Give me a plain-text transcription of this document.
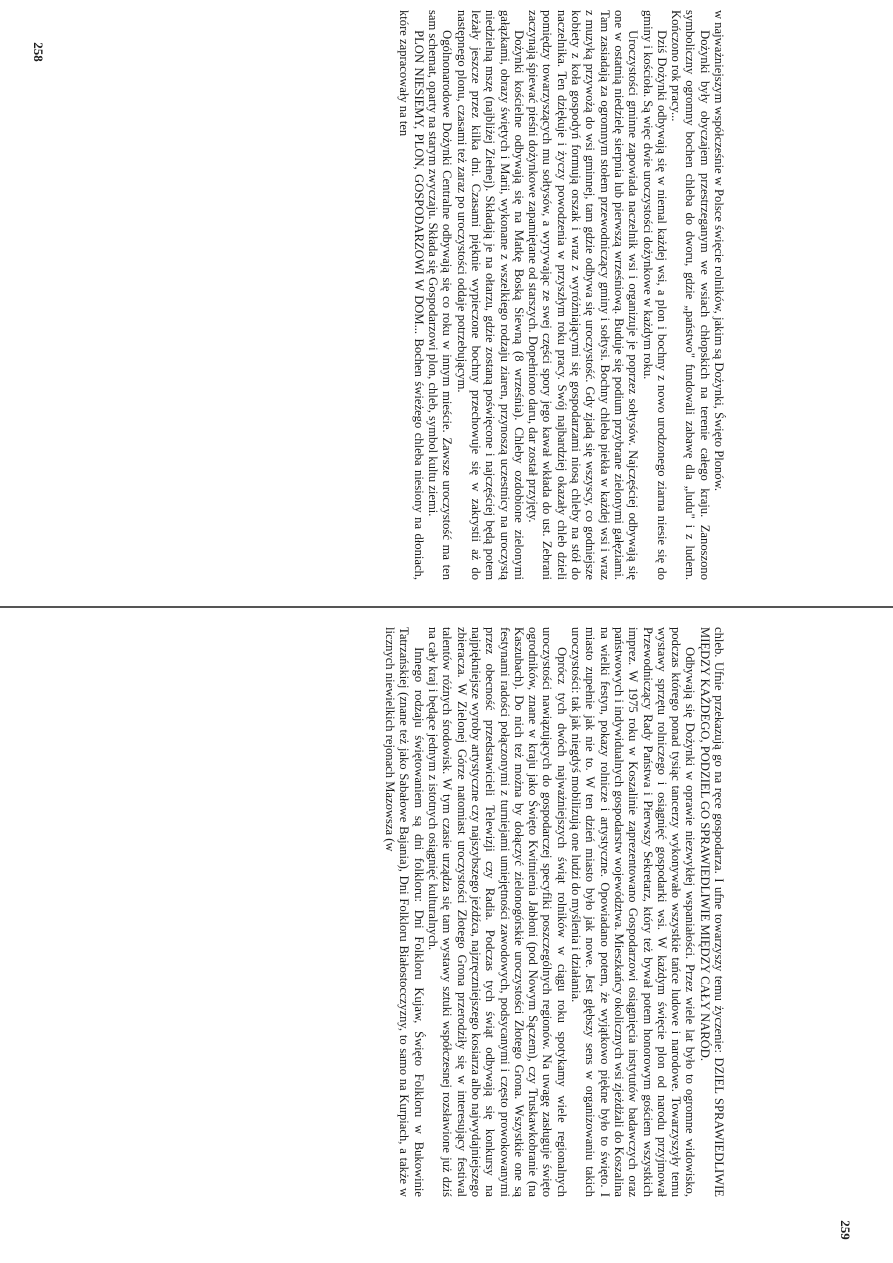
w najważniejszym współcześnie w Polsce święcie rolników, jakim są Dożynki, Święto Plonów.

Dożynki były obyczajem przestrzeganym we wsiach chłopskich na terenie całego kraju. Zanoszono symboliczny ogromny bochen chleba do dworu, gdzie „państwo" fundowali zabawę dla „ludu" i z ludem. Kończono rok pracy...

Dziś Dożynki odbywają się w niemal każdej wsi, a plon i bochny z nowo urodzonego ziarna niesie się do gminy i kościoła. Są więc dwie uroczystości dożynkowe w każdym roku.

Uroczystości gminne zapowiada naczelnik wsi i organizuje je poprzez sołtysów. Najczęściej odbywają się one w ostatnią niedzielę sierpnia lub pierwszą wrześniową. Buduje się podium przybrane zielonymi gałęziami. Tam zasiadają za ogromnym stołem przewodniczący gminy i sołtysi. Bochny chleba piekła w każdej wsi i wraz z muzyką przywożą do wsi gminnej, tam gdzie odbywa się uroczystość. Gdy zjadą się wszyscy, co godniejsze kobiety z koła gospodyń formują orszak i wraz z wyróżniającymi się gospodarzami niosą chleby na stół do naczelnika. Ten dziękuje i życzy powodzenia w przyszłym roku pracy. Swój najbardziej okazały chleb dzieli pomiędzy towarzyszących mu sołtysów, a wyrywając ze swej części spory jego kawał wkłada do ust. Zebrani zaczynają śpiewać pieśni dożynkowe zapamiętane od starszych. Dopełniono daru, dar został przyjęty.

Dożynki kościelne odbywają się na Matkę Boską Siewną (8 września). Chleby ozdobione zielonymi gałązkami, obrazy świętych i Marii, wykonane z wszelkiego rodzaju ziaren, przynoszą uczestnicy na uroczystą niedzielną mszę (najbliżej Ziełnej). Składają je na ołtarzu, gdzie zostaną poświęcone i najczęściej będą potem leżały jeszcze przez kilka dni. Czasami pięknie wypieczone bochny przechowuje się w zakrystii aż do następnego plonu, czasami też zaraz po uroczystości oddaje potrzebującym.

Ogólnonarodowe Dożynki Centralne odbywają się co roku w innym mieście. Zawsze uroczystość ma ten sam schemat, oparty na starym zwyczaju. Składa się Gospodarzowi plon, chleb, symbol kultu ziemi.

PLON NIESIEMY, PLON, GOSPODARZOWI W DOM... Bochen świeżego chleba niesiony na dłoniach, które zapracowały na ten

chleb. Ufnie przekazują go na ręce gospodarza. I ufne towarzyszy temu życzenie: DZIEL SPRAWIEDLIWIE MIĘDZY KAŻDEGO, PODZIEL GO SPRAWIEDLIWIE MIĘDZY CAŁY NARÓD.

Odbywają się Dożynki w oprawie niezwykłej wspaniałości. Przez wiele lat było to ogromne widowisko, podczas którego ponad tysiąc tancerzy wykonywało wszystkie tańce ludowe i narodowe. Towarzyszyły temu wystawy sprzętu rolniczego i osiągnięć gospodarki wsi. W każdym święcie plon od narodu przyjmował Przewodniczący Rady Państwa i Pierwszy Sekretarz, który też bywał potem honorowym gościem wszystkich imprez. W 1975 roku w Koszalinie zaprezentowano Gospodarzowi osiągnięcia instytutów badawczych oraz państwowych i indywidualnych gospodarstw województwa. Mieszkańcy okolicznych wsi zjeżdżali do Koszalina na wielki festyn, pokazy rolnicze i artystyczne. Opowiadano potem, że wyjątkowo piękne było to święto. I miasto zupełnie jak nie to. W ten dzień miasto było jak nowe. Jest głębszy sens w organizowaniu takich uroczystości: tak jak niegdyś mobilizują one ludzi do myślenia i działania.

Oprócz tych dwóch najważniejszych świąt rolników w ciągu roku spotykamy wiele regionalnych uroczystości nawiązujących do gospodarczej specyfiki poszczególnych regionów. Na uwagę zasługuje święto ogrodników, znane w kraju jako Święto Kwitnienia Jabłoni (pod Nowym Sączem), czy Truskawkobranie (na Kaszubach). Do nich też można by dołączyć zielonogórskie uroczystości Złotego Grona. Wszystkie one są festynami radości połączonymi z turniejami umiejętności zawodowych, podsycanymi i często prowokowanymi przez obecność przedstawicieli Telewizji czy Radia. Podczas tych świąt odbywają się konkursy na najpiękniejsze wyroby artystyczne czy najszybszego jeźdźca, najzręczniejszego kosiarza albo najwydajniejszego zbieracza. W Zielonej Górze natomiast uroczystości Złotego Grona przerodziły się w interesujący festiwal talentów różnych środowisk. W tym czasie urządza się tam wystawy sztuki współczesnej rozsławione już dziś na cały kraj i będące jednym z istotnych osiągnięć kulturalnych.

Innego rodzaju świętowaniem są dni folkloru: Dni Folkloru Kujaw, Święto Folkloru w Bukowinie Tatrzańskiej (znane też jako Sabałowe Bajania), Dni Folkloru Białostocczyzny, to samo na Kurpiach, a także w licznych niewielkich rejonach Mazowsza (w

258
259
